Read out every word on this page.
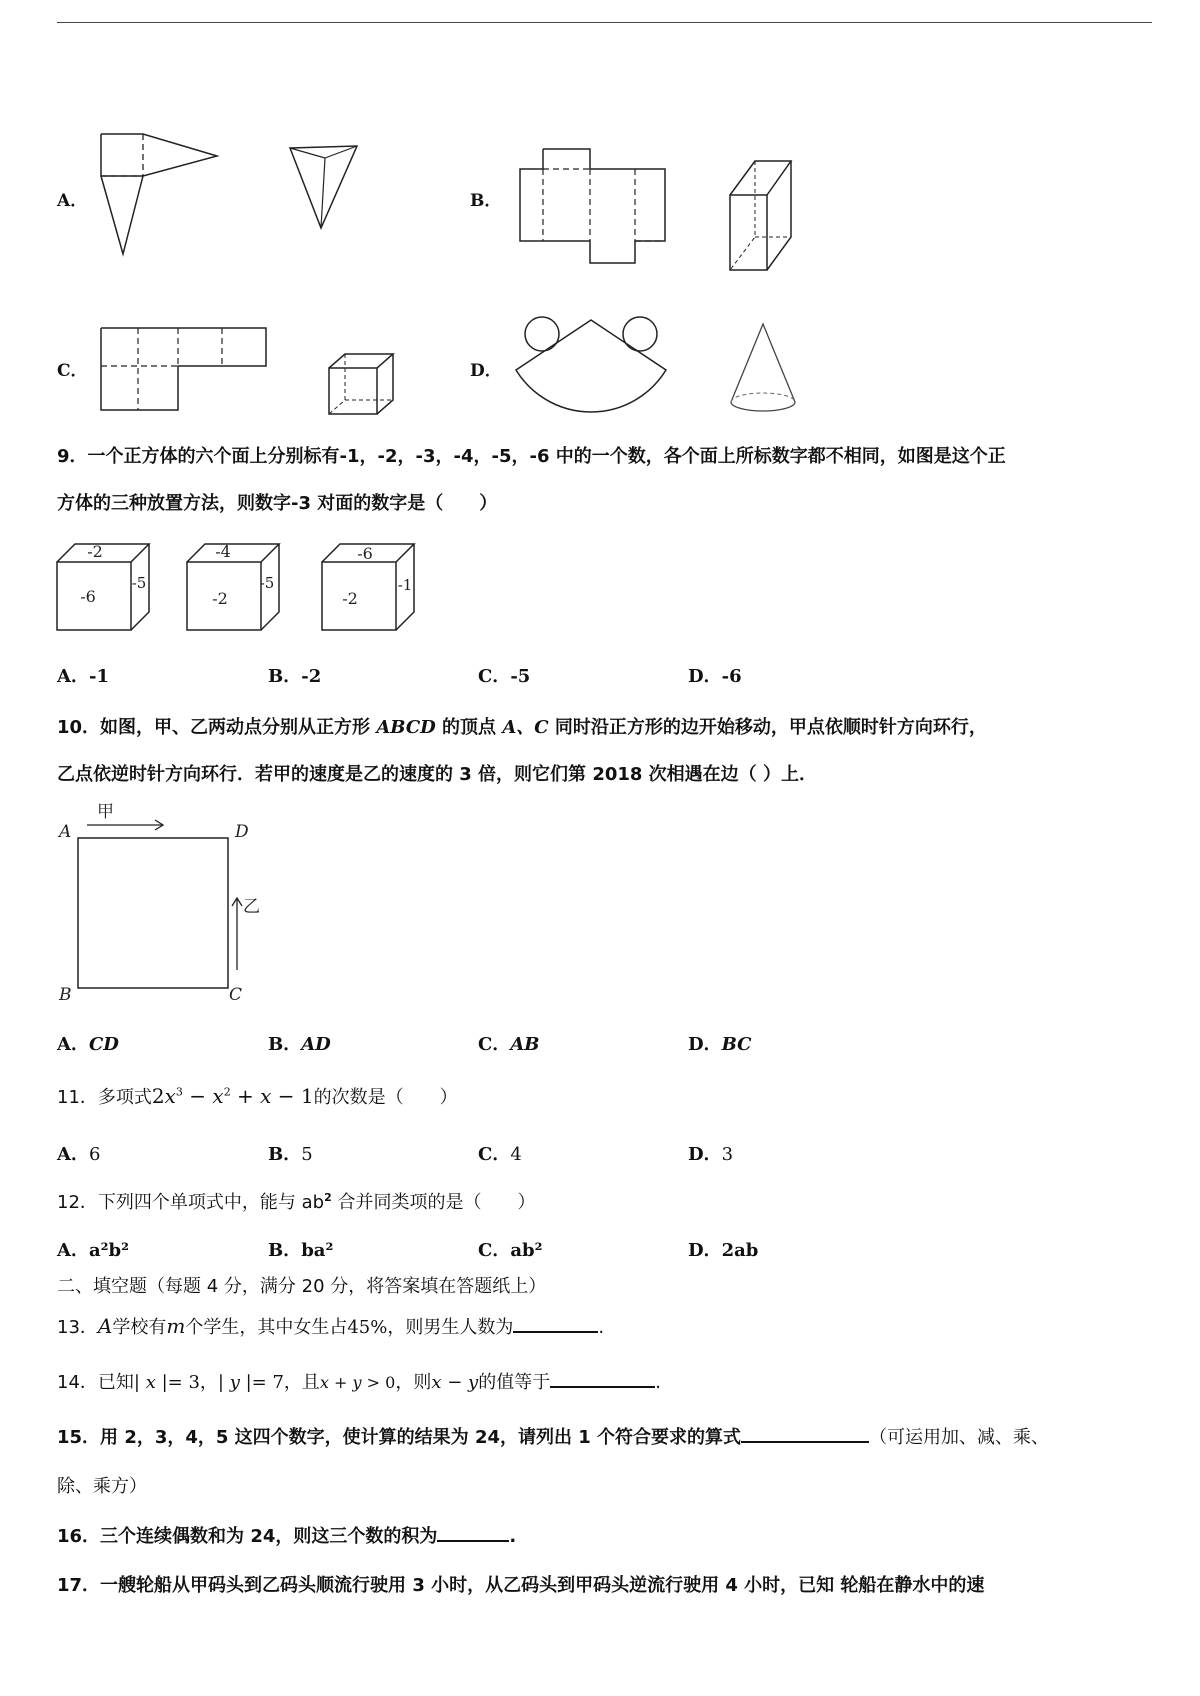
A．	B．
C．	D．
9．一个正方体的六个面上分别标有-1，-2，-3，-4，-5，-6 中的一个数，各个面上所标数字都不相同，如图是这个正
方体的三种放置方法，则数字-3 对面的数字是（　　）
-2
-6
-5
-4
-2
-5
-6
-2
-1
A．-1	B．-2	C．-5	D．-6
10．如图，甲、乙两动点分别从正方形 ABCD 的顶点 A、C 同时沿正方形的边开始移动，甲点依顺时针方向环行，
乙点依逆时针方向环行．若甲的速度是乙的速度的 3 倍，则它们第 2018 次相遇在边（ ）上．
A	D
B	C
甲
乙
A．CD	B．AD	C．AB	D．BC
11．多项式$2x^3 - x^2 + x - 1$的次数是（　　）
A．6	B．5	C．4	D．3
12．下列四个单项式中，能与 $ab^2$ 合并同类项的是（　　）
A．a²b²	B．ba²	C．ab²	D．2ab
二、填空题（每题 4 分，满分 20 分，将答案填在答题纸上）
13．A学校有m个学生，其中女生占45%，则男生人数为	.
14．已知| x |= 3，| y |= 7，且x + y > 0，则x − y的值等于	.
15．用 2，3，4，5 这四个数字，使计算的结果为 24，请列出 1 个符合要求的算式	（可运用加、减、乘、
除、乘方）
16．三个连续偶数和为 24，则这三个数的积为	.
17．一艘轮船从甲码头到乙码头顺流行驶用 3 小时，从乙码头到甲码头逆流行驶用 4 小时，已知 轮船在静水中的速
